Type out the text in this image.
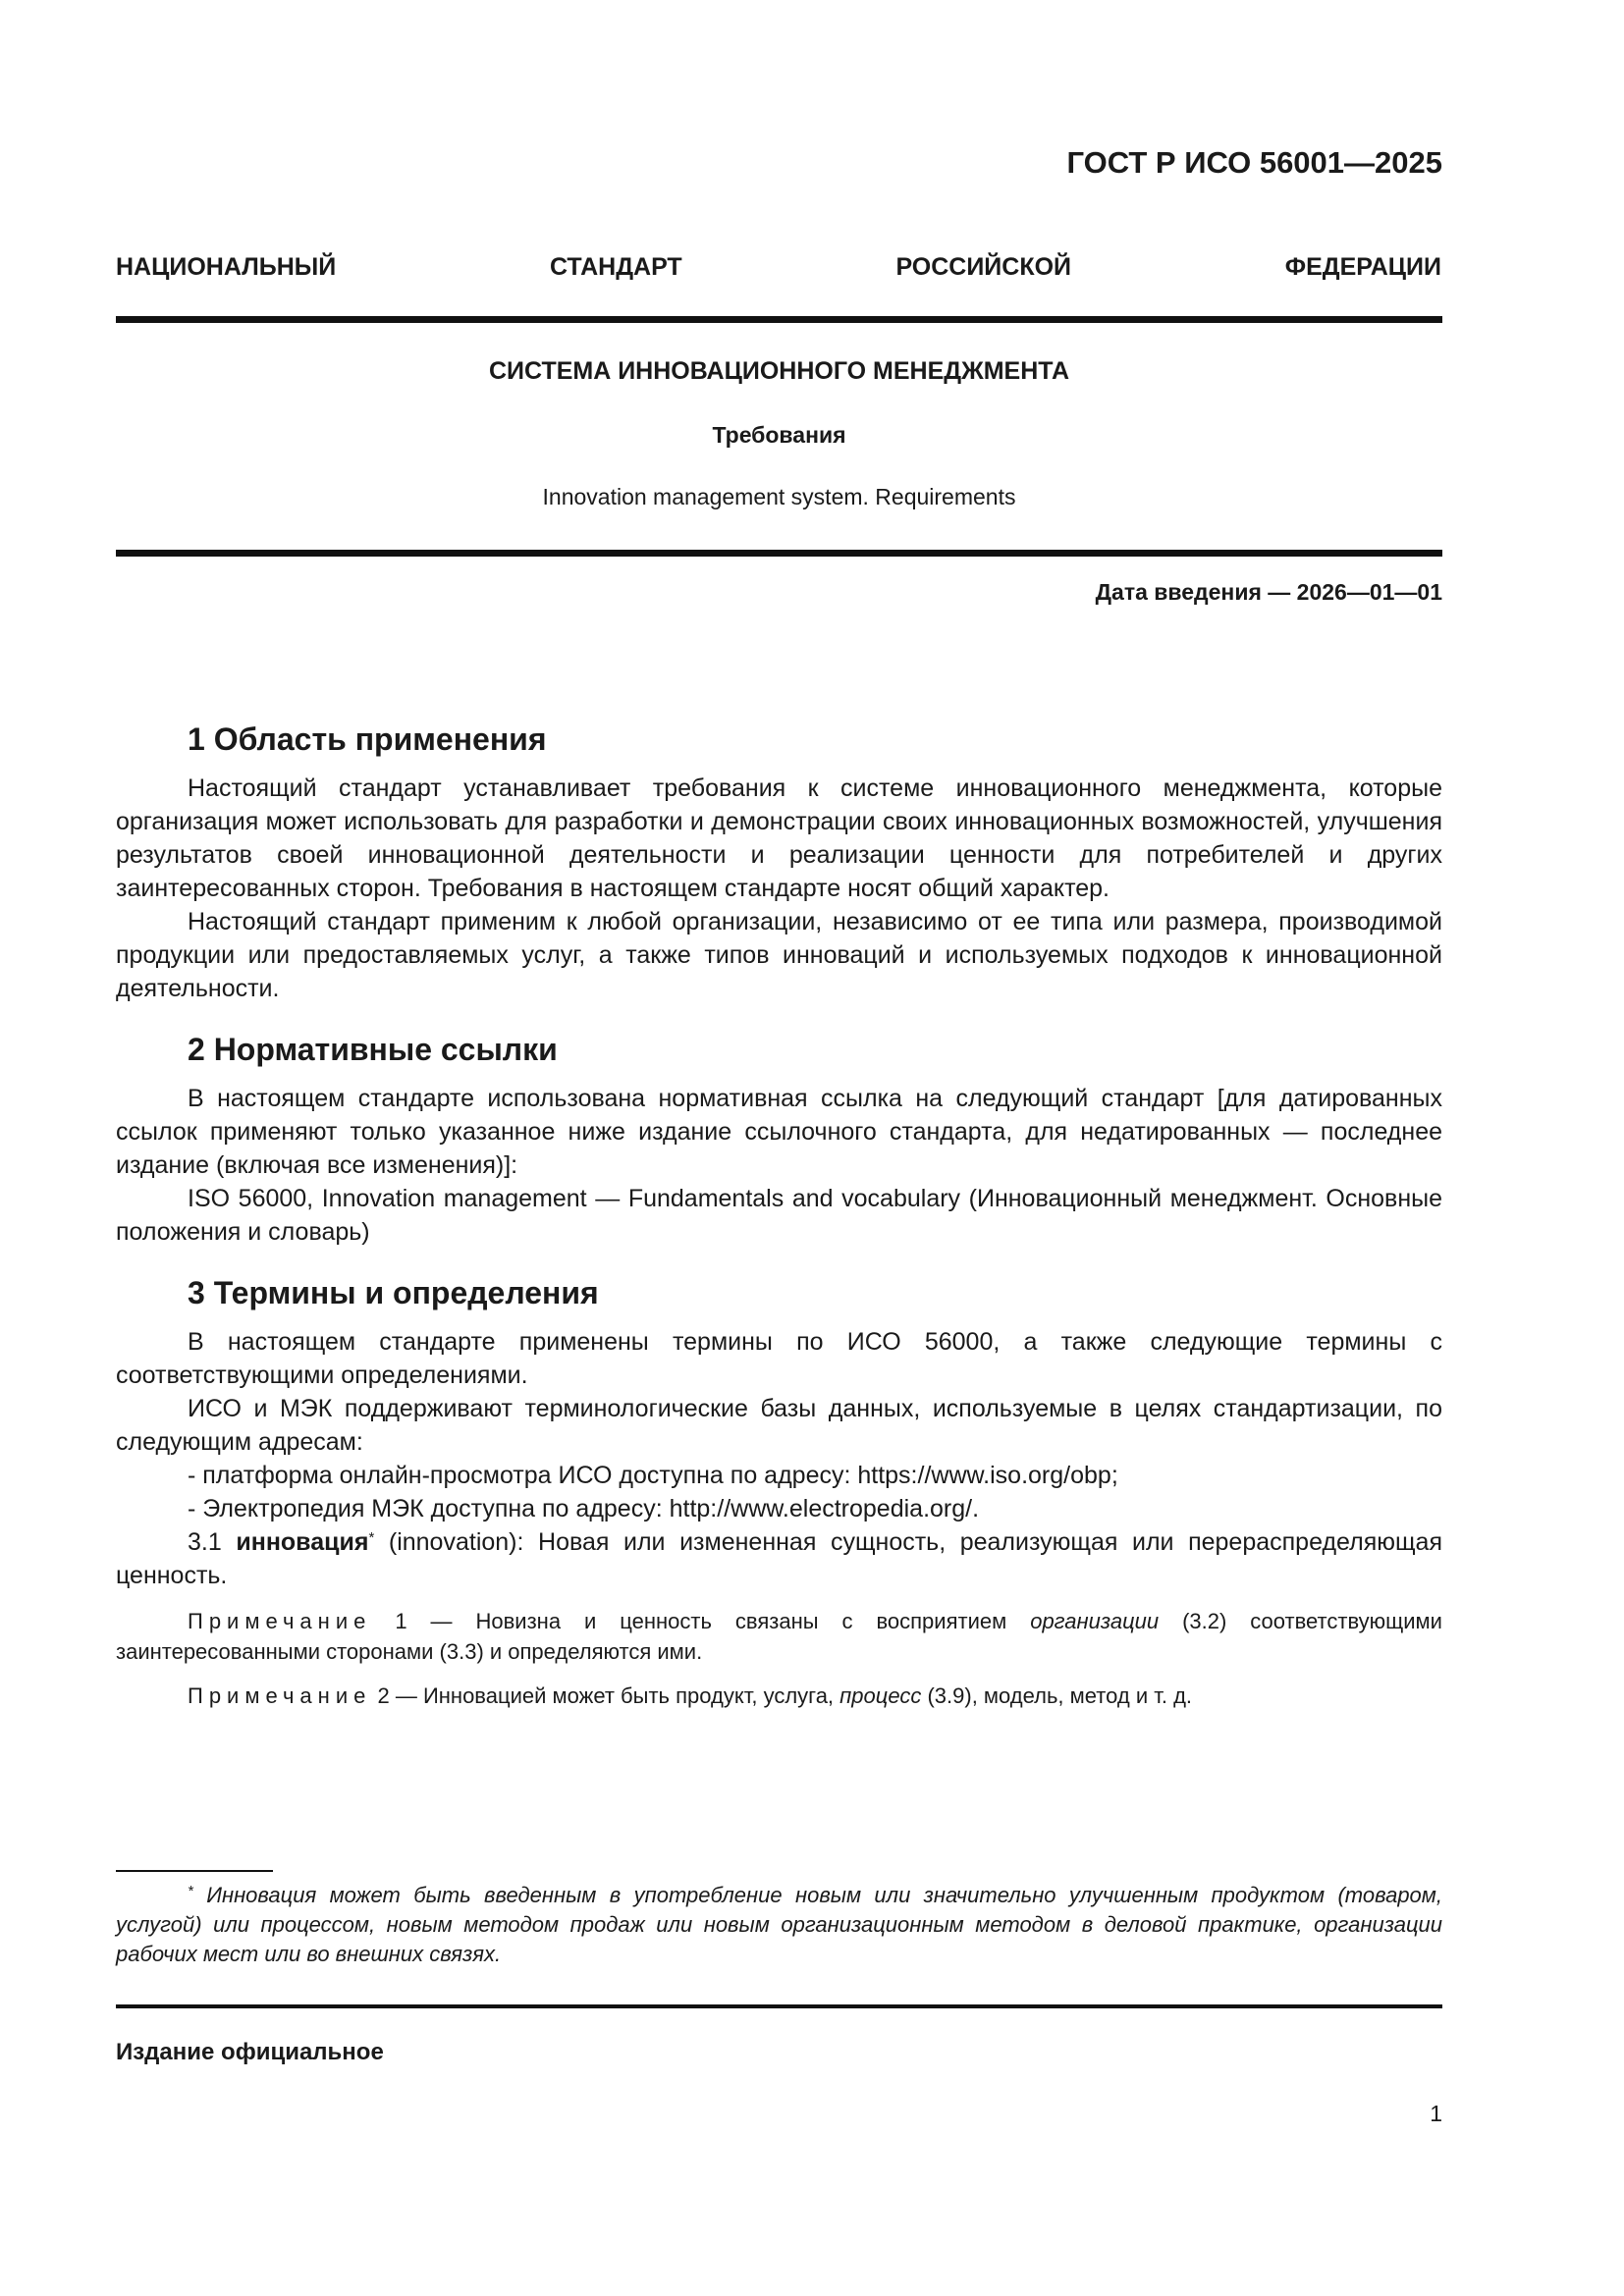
ГОСТ Р ИСО 56001—2025
НАЦИОНАЛЬНЫЙ СТАНДАРТ РОССИЙСКОЙ ФЕДЕРАЦИИ
СИСТЕМА ИННОВАЦИОННОГО МЕНЕДЖМЕНТА
Требования
Innovation management system. Requirements
Дата введения — 2026—01—01
1 Область применения

Настоящий стандарт устанавливает требования к системе инновационного менеджмента, которые организация может использовать для разработки и демонстрации своих инновационных возможностей, улучшения результатов своей инновационной деятельности и реализации ценности для потребителей и других заинтересованных сторон. Требования в настоящем стандарте носят общий характер.

Настоящий стандарт применим к любой организации, независимо от ее типа или размера, производимой продукции или предоставляемых услуг, а также типов инноваций и используемых подходов к инновационной деятельности.

2 Нормативные ссылки

В настоящем стандарте использована нормативная ссылка на следующий стандарт [для датированных ссылок применяют только указанное ниже издание ссылочного стандарта, для недатированных — последнее издание (включая все изменения)]:

ISO 56000, Innovation management — Fundamentals and vocabulary (Инновационный менеджмент. Основные положения и словарь)

3 Термины и определения

В настоящем стандарте применены термины по ИСО 56000, а также следующие термины с соответствующими определениями.

ИСО и МЭК поддерживают терминологические базы данных, используемые в целях стандартизации, по следующим адресам:

- платформа онлайн-просмотра ИСО доступна по адресу: https://www.iso.org/obp;

- Электропедия МЭК доступна по адресу: http://www.electropedia.org/.

3.1 инновация* (innovation): Новая или измененная сущность, реализующая или перераспределяющая ценность.

Примечание 1 — Новизна и ценность связаны с восприятием организации (3.2) соответствующими заинтересованными сторонами (3.3) и определяются ими.

Примечание 2 — Инновацией может быть продукт, услуга, процесс (3.9), модель, метод и т. д.

* Инновация может быть введенным в употребление новым или значительно улучшенным продуктом (товаром, услугой) или процессом, новым методом продаж или новым организационным методом в деловой практике, организации рабочих мест или во внешних связях.

Издание официальное
1
